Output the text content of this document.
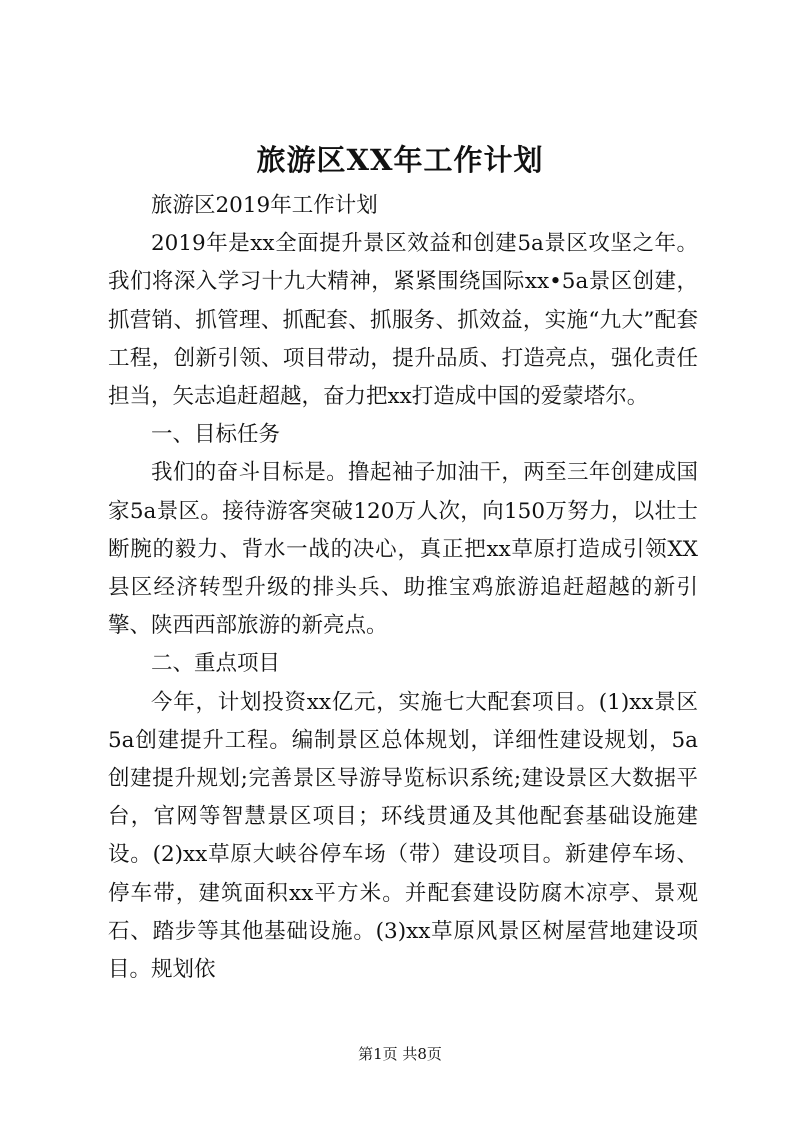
旅游区XX年工作计划

旅游区2019年工作计划

2019年是xx全面提升景区效益和创建5a景区攻坚之年。我们将深入学习十九大精神，紧紧围绕国际xx•5a景区创建，抓营销、抓管理、抓配套、抓服务、抓效益，实施“九大”配套工程，创新引领、项目带动，提升品质、打造亮点，强化责任担当，矢志追赶超越，奋力把xx打造成中国的爱蒙塔尔。

一、目标任务

我们的奋斗目标是。撸起袖子加油干，两至三年创建成国家5a景区。接待游客突破120万人次，向150万努力，以壮士断腕的毅力、背水一战的决心，真正把xx草原打造成引领XX县区经济转型升级的排头兵、助推宝鸡旅游追赶超越的新引擎、陕西西部旅游的新亮点。

二、重点项目

今年，计划投资xx亿元，实施七大配套项目。(1)xx景区5a创建提升工程。编制景区总体规划，详细性建设规划，5a创建提升规划;完善景区导游导览标识系统;建设景区大数据平台，官网等智慧景区项目；环线贯通及其他配套基础设施建设。(2)xx草原大峡谷停车场（带）建设项目。新建停车场、停车带，建筑面积xx平方米。并配套建设防腐木凉亭、景观石、踏步等其他基础设施。(3)xx草原风景区树屋营地建设项目。规划依

第1页 共8页
